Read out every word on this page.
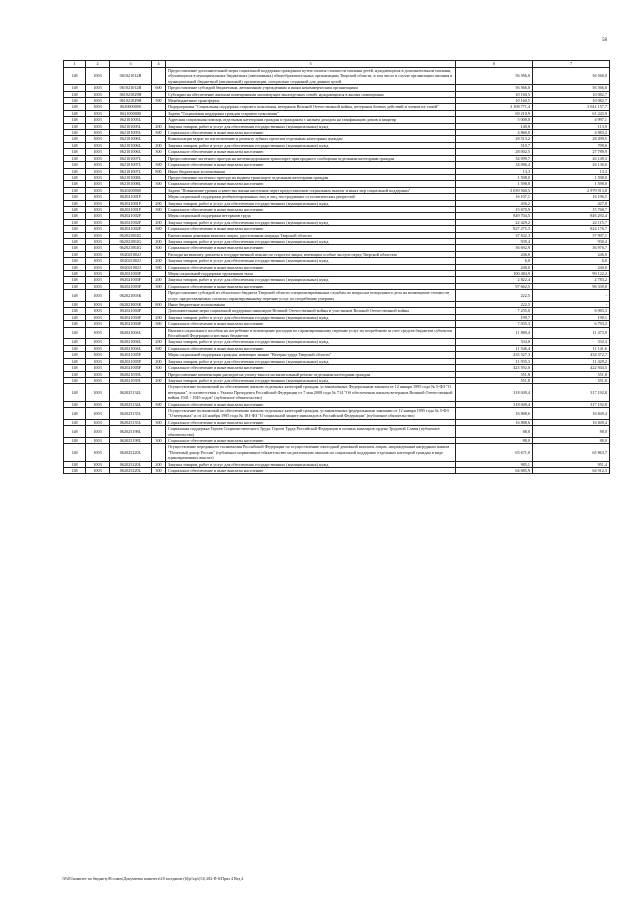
58
1	2	3	4	5	6	7
148	1003	061021012В		Предоставление дополнительной меры социальной поддержки гражданам путем оплаты стоимости питания детей, нуждающихся в дополнительном питании, обучающихся в муниципальных бюджетных (автономных) общеобразовательных организациях Тверской области, в том числе в случае организации питания в муниципальной бюджетной (автономной) организации, специально созданной для данных целей	56 566,0	56 566,0
148	1003	061021012В	600	Предоставление субсидий бюджетным, автономным учреждениям и иным некоммерческим организациям	56 566,0	56 566,0
148	1003	061021029Н		Субсидии на обеспечение жилыми помещениями малоимущих многодетных семей, нуждающихся в жилых помещениях	10 160,5	10 082,7
148	1003	061021029Н	500	Межбюджетные трансферты	10 160,5	10 082,7
148	1003	0620000000		Подпрограмма "Социальная поддержка старшего поколения, ветеранов Великой Отечественной войны, ветеранов боевых действий и членов их семей"	3 108 771,4	3 041 157,7
148	1003	0621000000		Задача "Социальная поддержка граждан старшего поколения"	69 210,9	61 243,9
148	1003	062101005L		Адресная социальная помощь отдельным категориям граждан и гражданам с низким доходом на газификацию домов и квартир	5 000,0	4 997,1
148	1003	062101005L	200	Закупка товаров, работ и услуг для обеспечения государственных (муниципальных) нужд	140,0	113,9
148	1003	062101005L	300	Социальное обеспечение и иные выплаты населению	4 860,0	4 883,2
148	1003	062101006L		Компенсация затрат по изготовлению и ремонту зубных протезов отдельным категориям граждан	28 513,2	28 499,5
148	1003	062101006L	200	Закупка товаров, работ и услуг для обеспечения государственных (муниципальных) нужд	510,7	709,6
148	1003	062101006L	300	Социальное обеспечение и иные выплаты населению	28 002,5	27 789,9
148	1003	062101007L		Предоставление льготного проезда на железнодорожном транспорте пригородного сообщения отдельным категориям граждан	34 099,7	26 149,3
148	1003	062101007L	300	Социальное обеспечение и иные выплаты населению	34 086,4	26 136,0
148	1003	062101007L	800	Иные бюджетные ассигнования	13,3	13,3
148	1003	062101008L		Предоставление льготного проезда на водном транспорте отдельным категориям граждан	1 598,0	1 598,0
148	1003	062101008L	300	Социальное обеспечение и иные выплаты населению	1 598,0	1 598,0
148	1003	0620200000		Задача "Повышение уровня и качества жизни населения через предоставление социальных выплат и иных мер социальной поддержки"	3 039 560,5	2 979 913,8
148	1003	062021001F		Меры социальной поддержки реабилитированных лиц и лиц, пострадавших от политических репрессий	16 107,1	16 196,5
148	1003	062021001F	200	Закупка товаров, работ и услуг для обеспечения государственных (муниципальных) нужд	436,2	427,8
148	1003	062021001F	300	Социальное обеспечение и иные выплаты населению	15 670,9	15 768,7
148	1003	062021002F		Меры социальной поддержки ветеранов труда	849 704,5	846 292,4
148	1003	062021002F	200	Закупка товаров, работ и услуг для обеспечения государственных (муниципальных) нужд	22 429,2	22 115,7
148	1003	062021002F	300	Социальное обеспечение и иные выплаты населению	827 275,3	824 176,7
148	1003	062021002G		Ежемесячная денежная выплата лицам, удостоенным награды Тверской области	37 632,3	37 907,1
148	1003	062021002G	200	Закупка товаров, работ и услуг для обеспечения государственных (муниципальных) нужд	939,4	930,4
148	1003	062021002G	300	Социальное обеспечение и иные выплаты населению	36 692,9	36 976,7
148	1003	062021002J		Расходы на выплату доплаты к государственной пенсии по старости лицам, имеющим особые заслуги перед Тверской областью	246,0	246,0
148	1003	062021002J	200	Закупка товаров, работ и услуг для обеспечения государственных (муниципальных) нужд	6,0	6,0
148	1003	062021002J	300	Социальное обеспечение и иные выплаты населению	240,0	240,0
148	1003	062021003F		Меры социальной поддержки тружеников тыла	100 484,9	99 122,2
148	1003	062021003F	200	Закупка товаров, работ и услуг для обеспечения государственных (муниципальных) нужд	2 822,4	2 783,2
148	1003	062021003F	300	Социальное обеспечение и иные выплаты населению	97 662,5	96 339,0
148	1003	062021003К		Предоставление субсидий из областного бюджета Тверской области специализированным службам по вопросам похоронного дела на возмещение стоимости услуг, предоставляемых согласно гарантированному перечню услуг по погребению умерших	222,5	-
148	1003	062021003К	800	Иные бюджетные ассигнования	222,5	-
148	1003	062021004F		Дополнительные меры социальной поддержки инвалидов Великой Отечественной войны и участников Великой Отечественной войны	7 235,0	6 983,3
148	1003	062021004F	200	Закупка товаров, работ и услуг для обеспечения государственных (муниципальных) нужд	199,7	190,1
148	1003	062021004F	300	Социальное обеспечение и иные выплаты населению	7 035,3	6 793,2
148	1003	062021004L		Выплата социального пособия на погребение и возмещение расходов по гарантированному перечню услуг по погребению за счет средств бюджетов субъектов Российской Федерации и местных бюджетов	11 880,4	11 473,9
148	1003	062021004L	200	Закупка товаров, работ и услуг для обеспечения государственных (муниципальных) нужд	334,0	332,3
148	1003	062021004L	300	Социальное обеспечение и иные выплаты населению	11 546,4	11 141,6
148	1003	062021005F		Меры социальной поддержки граждан, имеющих звание "Ветеран труда Тверской области"	435 527,3	434 372,7
148	1003	062021005F	200	Закупка товаров, работ и услуг для обеспечения государственных (муниципальных) нужд	11 935,3	11 429,2
148	1003	062021005F	300	Социальное обеспечение и иные выплаты населению	423 592,0	422 943,5
148	1003	062021039L		Предоставление компенсации расходов на уплату взноса на капитальный ремонт отдельным категориям граждан	551,8	551,8
148	1003	062021039L	200	Закупка товаров, работ и услуг для обеспечения государственных (муниципальных) нужд	551,8	551,8
148	1003	062025134L		Осуществление полномочий по обеспечению жильем отдельных категорий граждан, установленных Федеральным законом от 12 января 1995 года № 5-ФЗ "О ветеранах", в соответствии с Указом Президента Российской Федерации от 7 мая 2008 года № 714 "Об обеспечении жильем ветеранов Великой Отечественной войны 1941 - 1945 годов" (публичное обязательство)	318 049,4	317 192,8
148	1003	062025134L	300	Социальное обеспечение и иные выплаты населению	318 049,4	317 192,8
148	1003	062025135L		Осуществление полномочий по обеспечению жильем отдельных категорий граждан, установленных федеральными законами от 12 января 1995 года № 5-ФЗ "О ветеранах" и от 24 ноября 1995 года № 181-ФЗ "О социальной защите инвалидов в Российской Федерации" (публичное обязательство)	16 888,6	16 849,4
148	1003	062025135L	300	Социальное обеспечение и иные выплаты населению	16 888,6	16 849,4
148	1003	062025198L		Социальная поддержка Героев Социалистического Труда, Героев Труда Российской Федерации и полных кавалеров ордена Трудовой Славы (публичное обязательство)	88,0	88,0
148	1003	062025198L	300	Социальное обеспечение и иные выплаты населению	88,0	88,0
148	1003	062025220L		Осуществление переданного полномочия Российской Федерации по осуществлению ежегодной денежной выплаты лицам, награжденным нагрудным знаком "Почетный донор России" (публичное нормативное обязательство на реализацию законов по социальной поддержке отдельных категорий граждан в виде единовременных выплат)	65 671,0	65 863,7
148	1003	062025220L	200	Закупка товаров, работ и услуг для обеспечения государственных (муниципальных) нужд	985,1	951,4
148	1003	062025220L	300	Социальное обеспечение и иные выплаты населению	64 685,9	64 912,3
\\Fs01\комитет по бюджету\В.сович\Документы комитета\18 заседание (6)\р\\пр\(13) 282-П-6\Прил 4 Вед 4
